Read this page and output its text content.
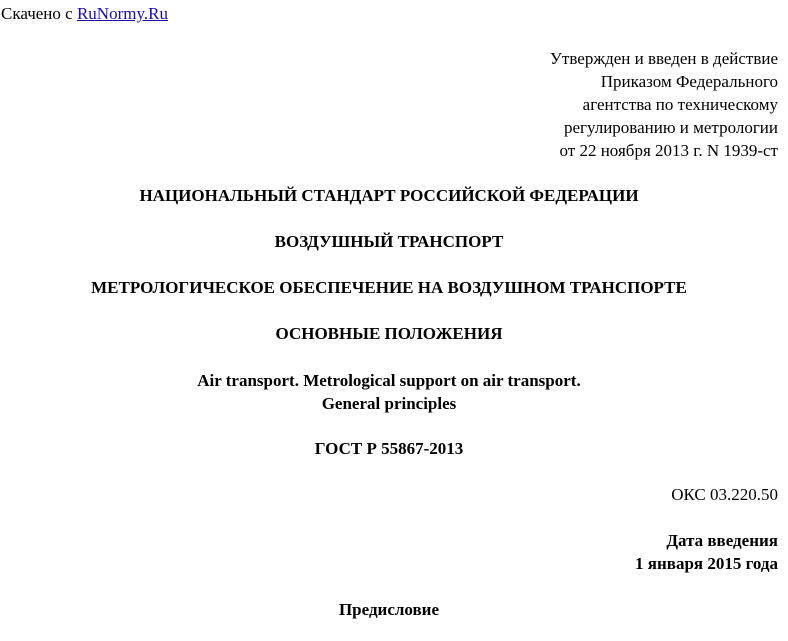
Скачено с RuNormy.Ru
Утвержден и введен в действие
Приказом Федерального
агентства по техническому
регулированию и метрологии
от 22 ноября 2013 г. N 1939-ст
НАЦИОНАЛЬНЫЙ СТАНДАРТ РОССИЙСКОЙ ФЕДЕРАЦИИ
ВОЗДУШНЫЙ ТРАНСПОРТ
МЕТРОЛОГИЧЕСКОЕ ОБЕСПЕЧЕНИЕ НА ВОЗДУШНОМ ТРАНСПОРТЕ
ОСНОВНЫЕ ПОЛОЖЕНИЯ
Air transport. Metrological support on air transport.
General principles
ГОСТ Р 55867-2013
ОКС 03.220.50
Дата введения
1 января 2015 года
Предисловие
